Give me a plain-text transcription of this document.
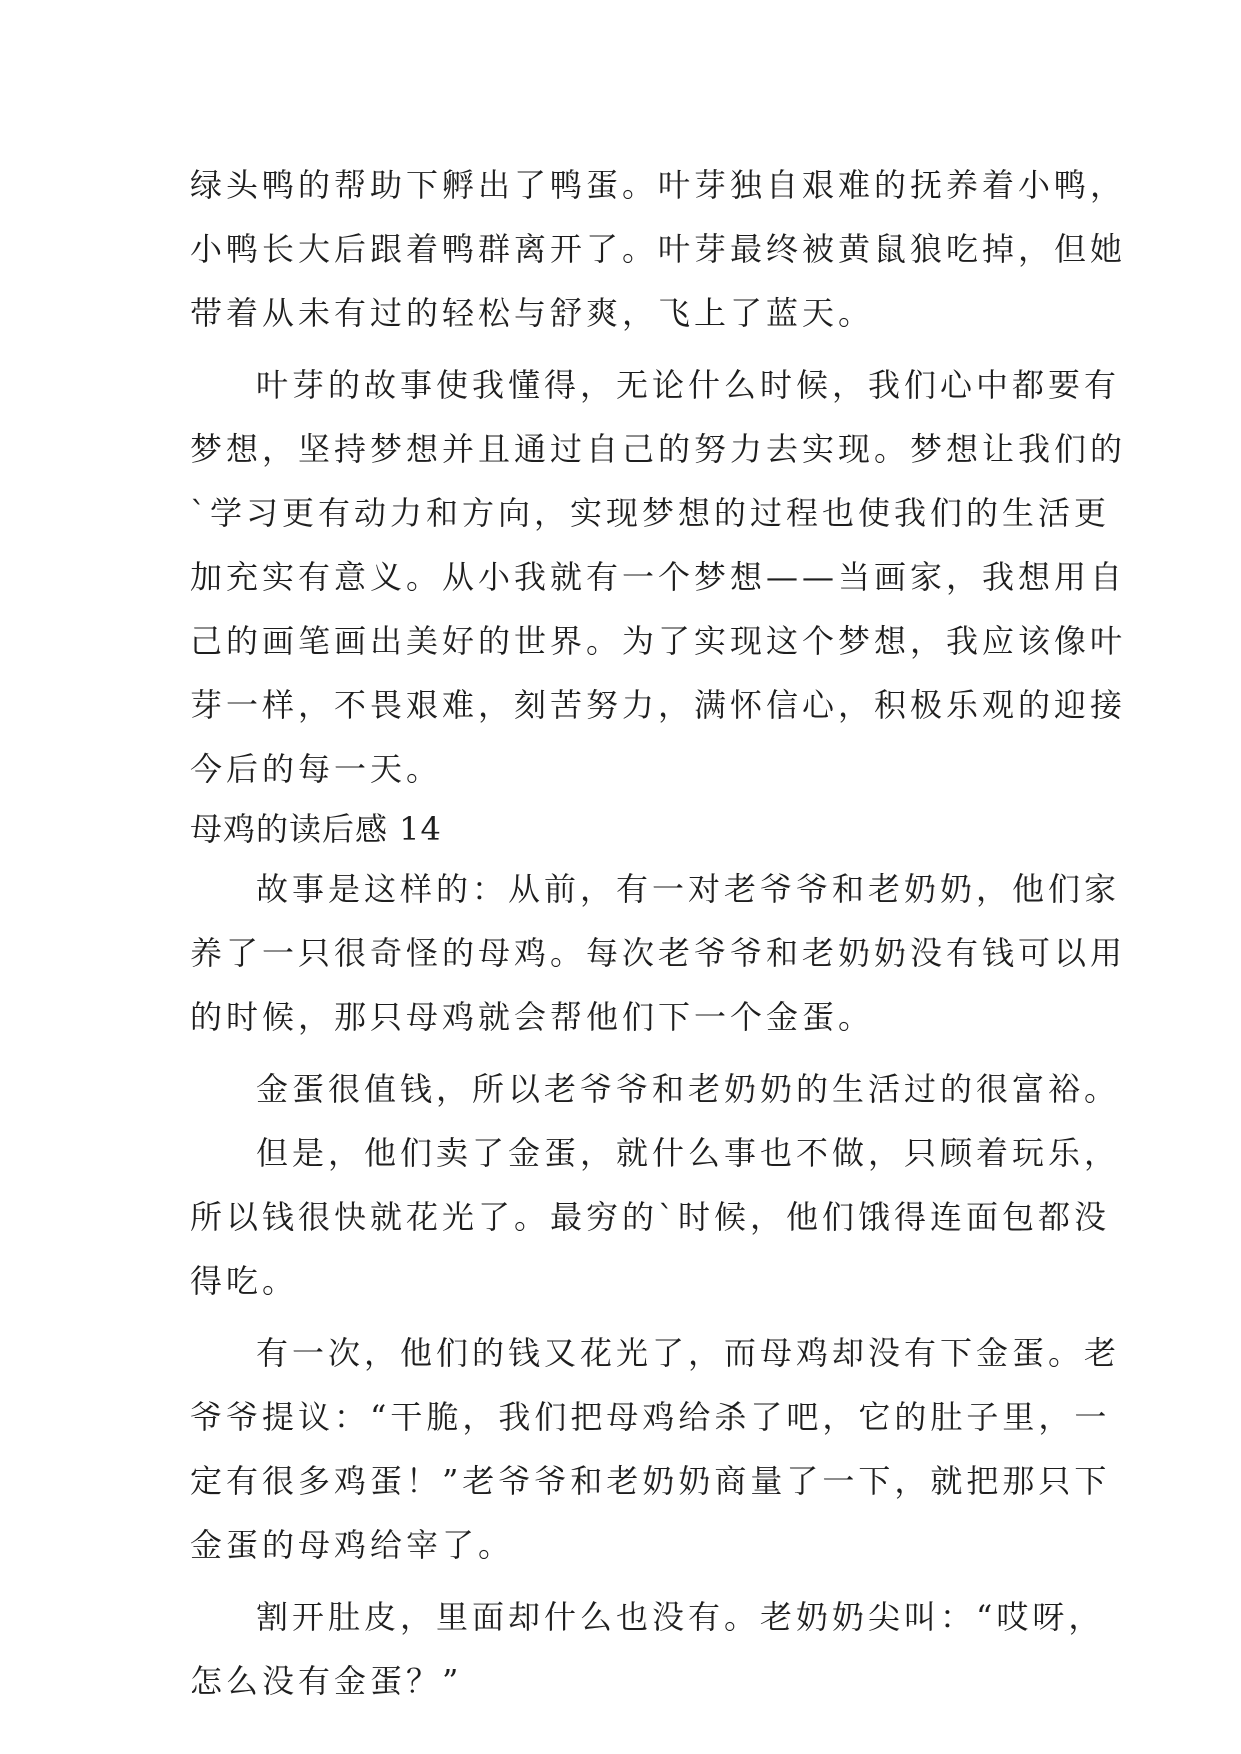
绿头鸭的帮助下孵出了鸭蛋。叶芽独自艰难的抚养着小鸭，
小鸭长大后跟着鸭群离开了。叶芽最终被黄鼠狼吃掉，但她
带着从未有过的轻松与舒爽，飞上了蓝天。
叶芽的故事使我懂得，无论什么时候，我们心中都要有
梦想，坚持梦想并且通过自己的努力去实现。梦想让我们的
`学习更有动力和方向，实现梦想的过程也使我们的生活更
加充实有意义。从小我就有一个梦想——当画家，我想用自
己的画笔画出美好的世界。为了实现这个梦想，我应该像叶
芽一样，不畏艰难，刻苦努力，满怀信心，积极乐观的迎接
今后的每一天。
母鸡的读后感 14
故事是这样的：从前，有一对老爷爷和老奶奶，他们家
养了一只很奇怪的母鸡。每次老爷爷和老奶奶没有钱可以用
的时候，那只母鸡就会帮他们下一个金蛋。
金蛋很值钱，所以老爷爷和老奶奶的生活过的很富裕。
但是，他们卖了金蛋，就什么事也不做，只顾着玩乐，
所以钱很快就花光了。最穷的`时候，他们饿得连面包都没
得吃。
有一次，他们的钱又花光了，而母鸡却没有下金蛋。老
爷爷提议：“干脆，我们把母鸡给杀了吧，它的肚子里，一
定有很多鸡蛋！”老爷爷和老奶奶商量了一下，就把那只下
金蛋的母鸡给宰了。
割开肚皮，里面却什么也没有。老奶奶尖叫：“哎呀，
怎么没有金蛋？”
